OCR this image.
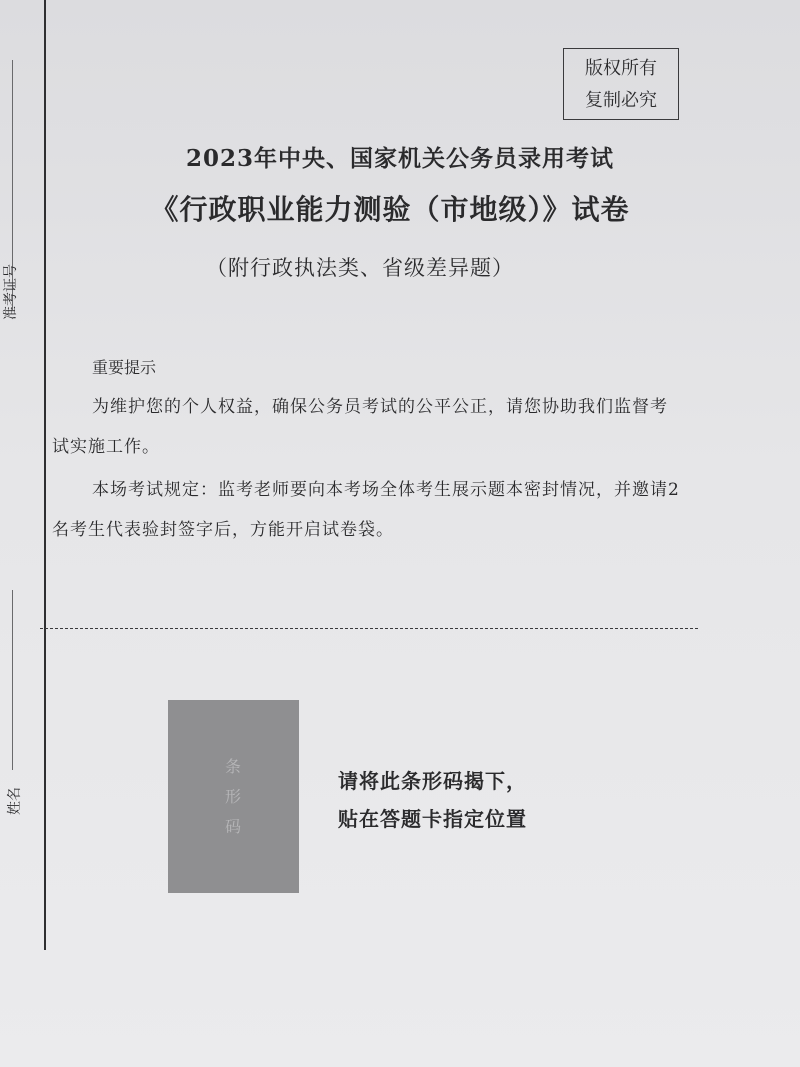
准考证号
姓名
版权所有
复制必究
2023年中央、国家机关公务员录用考试
《行政职业能力测验（市地级）》试卷
（附行政执法类、省级差异题）
重要提示
为维护您的个人权益，确保公务员考试的公平公正，请您协助我们监督考试实施工作。
本场考试规定：监考老师要向本考场全体考生展示题本密封情况，并邀请2名考生代表验封签字后，方能开启试卷袋。
条形码
请将此条形码揭下，
贴在答题卡指定位置
